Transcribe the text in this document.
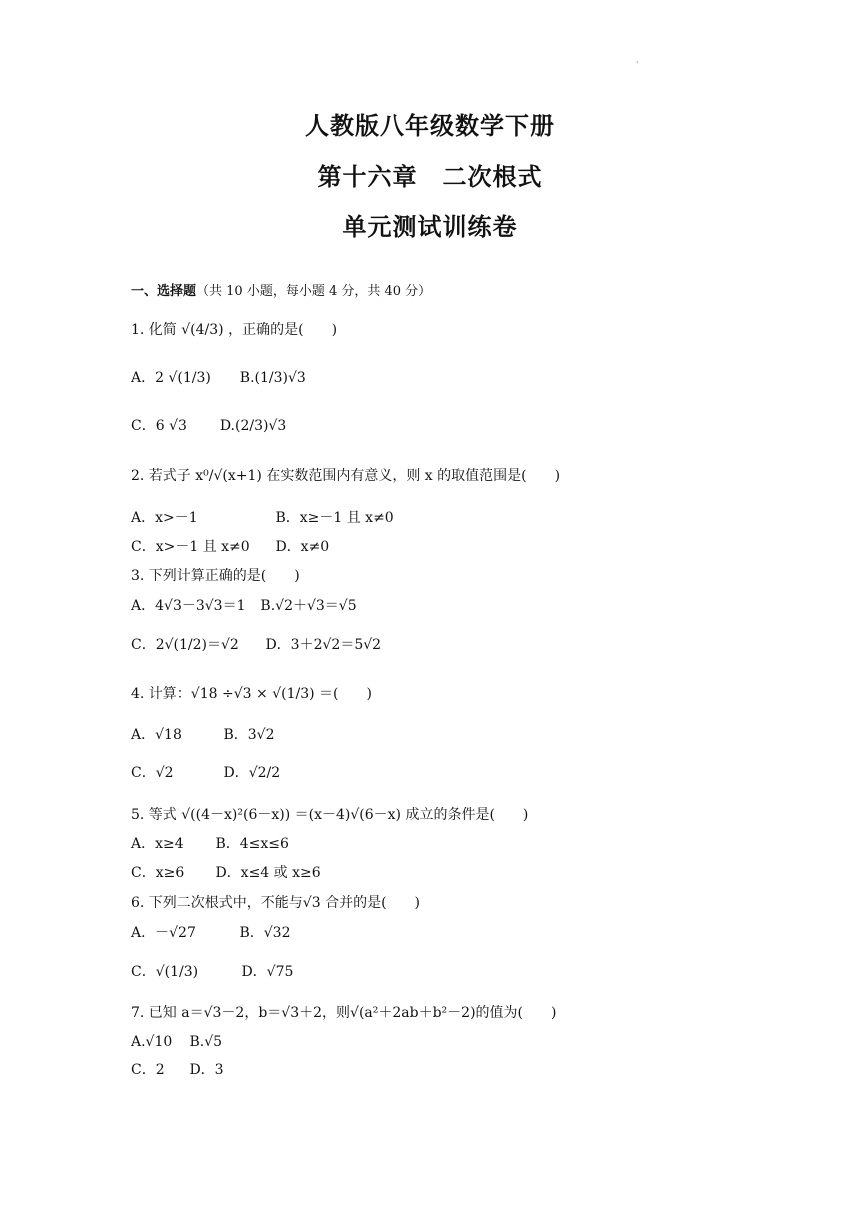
·
人教版八年级数学下册
第十六章　二次根式
单元测试训练卷
一、选择题（共 10 小题，每小题 4 分，共 40 分）
1. 化简 √(4/3) ，正确的是(　　)
A．2 √(1/3) B.(1/3)√3
C．6 √3 D.(2/3)√3
2. 若式子 x⁰/√(x+1) 在实数范围内有意义，则 x 的取值范围是(　　)
A．x>－1	B．x≥－1 且 x≠0
C．x>－1 且 x≠0 D．x≠0
3. 下列计算正确的是(　　)
A．4√3－3√3＝1 B.√2＋√3＝√5
C．2√(1/2)＝√2 D．3＋2√2＝5√2
4. 计算：√18 ÷√3 × √(1/3) ＝(　　)
A．√18	B．3√2
C．√2	D．√2/2
5. 等式 √((4－x)²(6－x)) ＝(x－4)√(6－x) 成立的条件是(　　)
A．x≥4 B．4≤x≤6
C．x≥6 D．x≤4 或 x≥6
6. 下列二次根式中，不能与√3 合并的是(　　)
A．－√27	B．√32
C．√(1/3)	D．√75
7. 已知 a＝√3－2，b＝√3＋2，则√(a²＋2ab＋b²－2)的值为(　　)
A.√10 B.√5
C．2 D．3
